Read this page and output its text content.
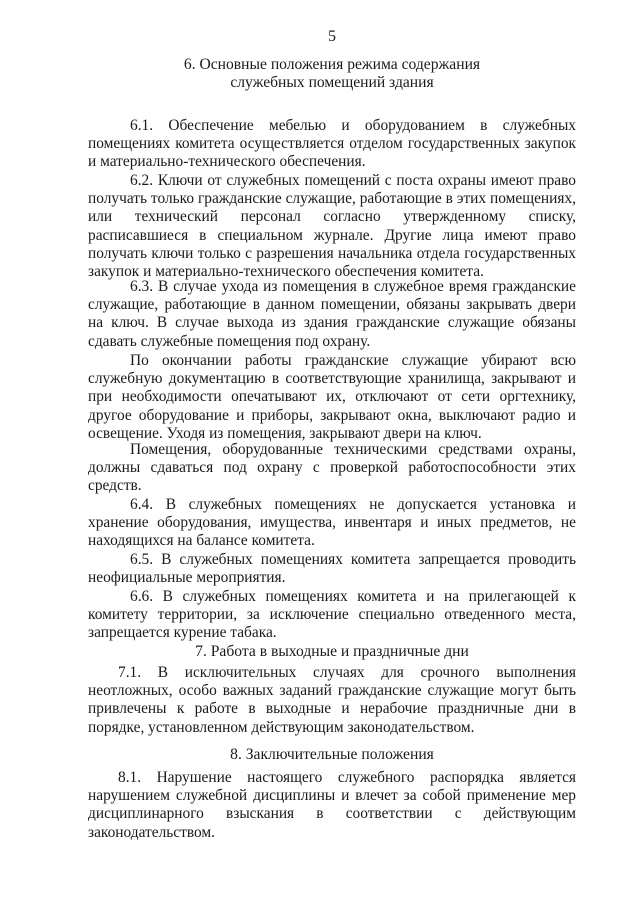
5
6. Основные положения режима содержания
служебных помещений здания

6.1. Обеспечение мебелью и оборудованием в служебных помещениях комитета осуществляется отделом государственных закупок и материально-технического обеспечения.

6.2. Ключи от служебных помещений с поста охраны имеют право получать только гражданские служащие, работающие в этих помещениях, или технический персонал согласно утвержденному списку, расписавшиеся в специальном журнале. Другие лица имеют право получать ключи только с разрешения начальника отдела государственных закупок и материально-технического обеспечения комитета.

6.3. В случае ухода из помещения в служебное время гражданские служащие, работающие в данном помещении, обязаны закрывать двери на ключ. В случае выхода из здания гражданские служащие обязаны сдавать служебные помещения под охрану.

По окончании работы гражданские служащие убирают всю служебную документацию в соответствующие хранилища, закрывают и при необходимости опечатывают их, отключают от сети оргтехнику, другое оборудование и приборы, закрывают окна, выключают радио и освещение. Уходя из помещения, закрывают двери на ключ.

Помещения, оборудованные техническими средствами охраны, должны сдаваться под охрану с проверкой работоспособности этих средств.

6.4. В служебных помещениях не допускается установка и хранение оборудования, имущества, инвентаря и иных предметов, не находящихся на балансе комитета.

6.5. В служебных помещениях комитета запрещается проводить неофициальные мероприятия.

6.6. В служебных помещениях комитета и на прилегающей к комитету территории, за исключение специально отведенного места, запрещается курение табака.

7. Работа в выходные и праздничные дни

7.1. В исключительных случаях для срочного выполнения неотложных, особо важных заданий гражданские служащие могут быть привлечены к работе в выходные и нерабочие праздничные дни в порядке, установленном действующим законодательством.

8. Заключительные положения

8.1. Нарушение настоящего служебного распорядка является нарушением служебной дисциплины и влечет за собой применение мер дисциплинарного взыскания в соответствии с действующим законодательством.
